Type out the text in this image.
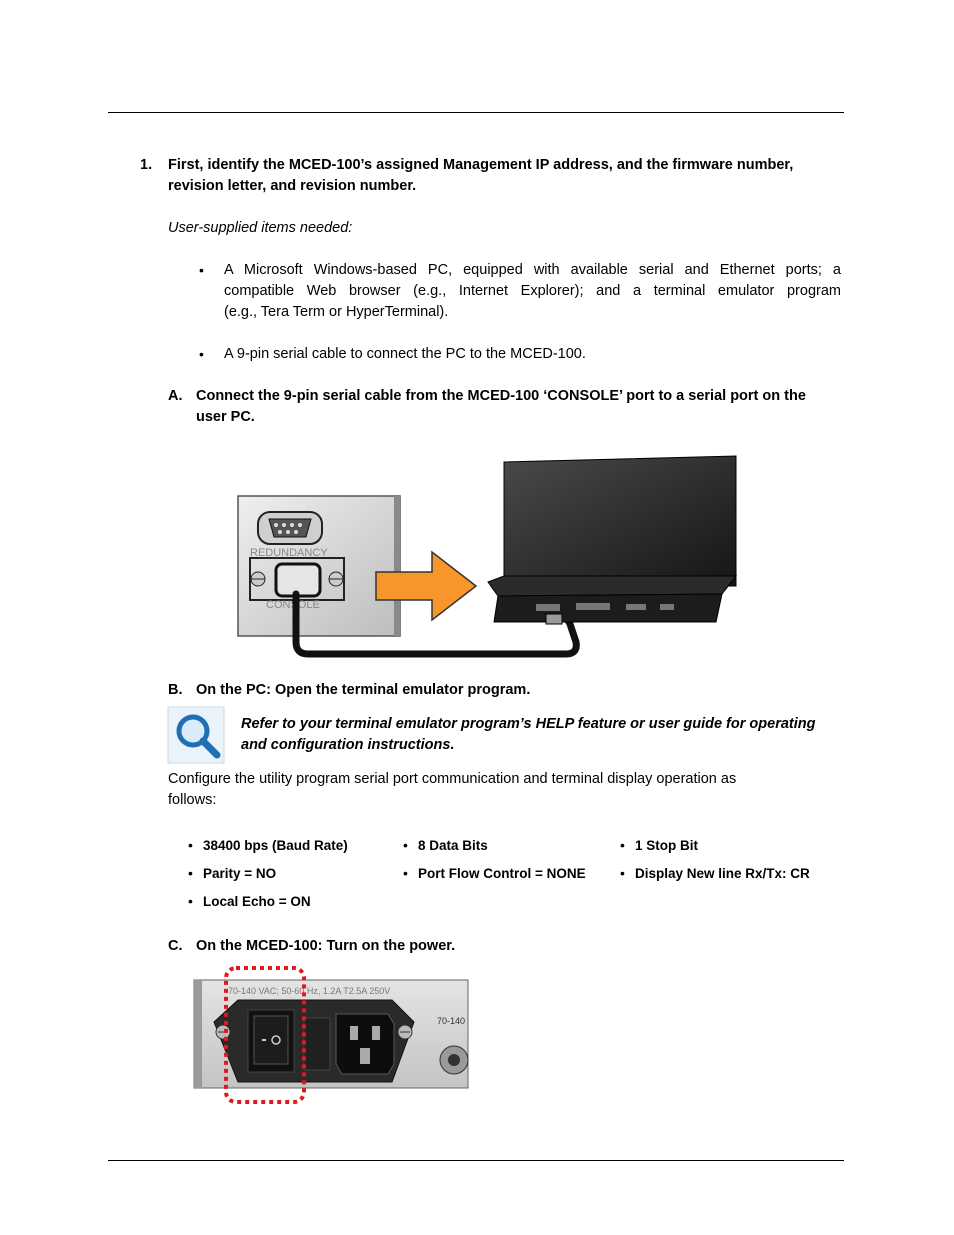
1. First, identify the MCED-100’s assigned Management IP address, and the firmware number,
revision letter, and revision number.
User-supplied items needed:
• A Microsoft Windows-based PC, equipped with available serial and Ethernet ports; a
compatible Web browser (e.g., Internet Explorer); and a terminal emulator program
(e.g., Tera Term or HyperTerminal).
• A 9-pin serial cable to connect the PC to the MCED-100.
A. Connect the 9-pin serial cable from the MCED-100 ‘CONSOLE’ port to a serial port on the
user PC.
REDUNDANCY
CONSOLE
B. On the PC: Open the terminal emulator program.
Refer to your terminal emulator program’s HELP feature or user guide for operating
and configuration instructions.
Configure the utility program serial port communication and terminal display operation as
follows:
• 38400 bps (Baud Rate)	• 8 Data Bits	• 1 Stop Bit
• Parity = NO	• Port Flow Control = NONE • Display New line Rx/Tx: CR
• Local Echo = ON
C. On the MCED-100: Turn on the power.
70-140 VAC; 50-60 Hz, 1.2A T2.5A 250V
70-140
